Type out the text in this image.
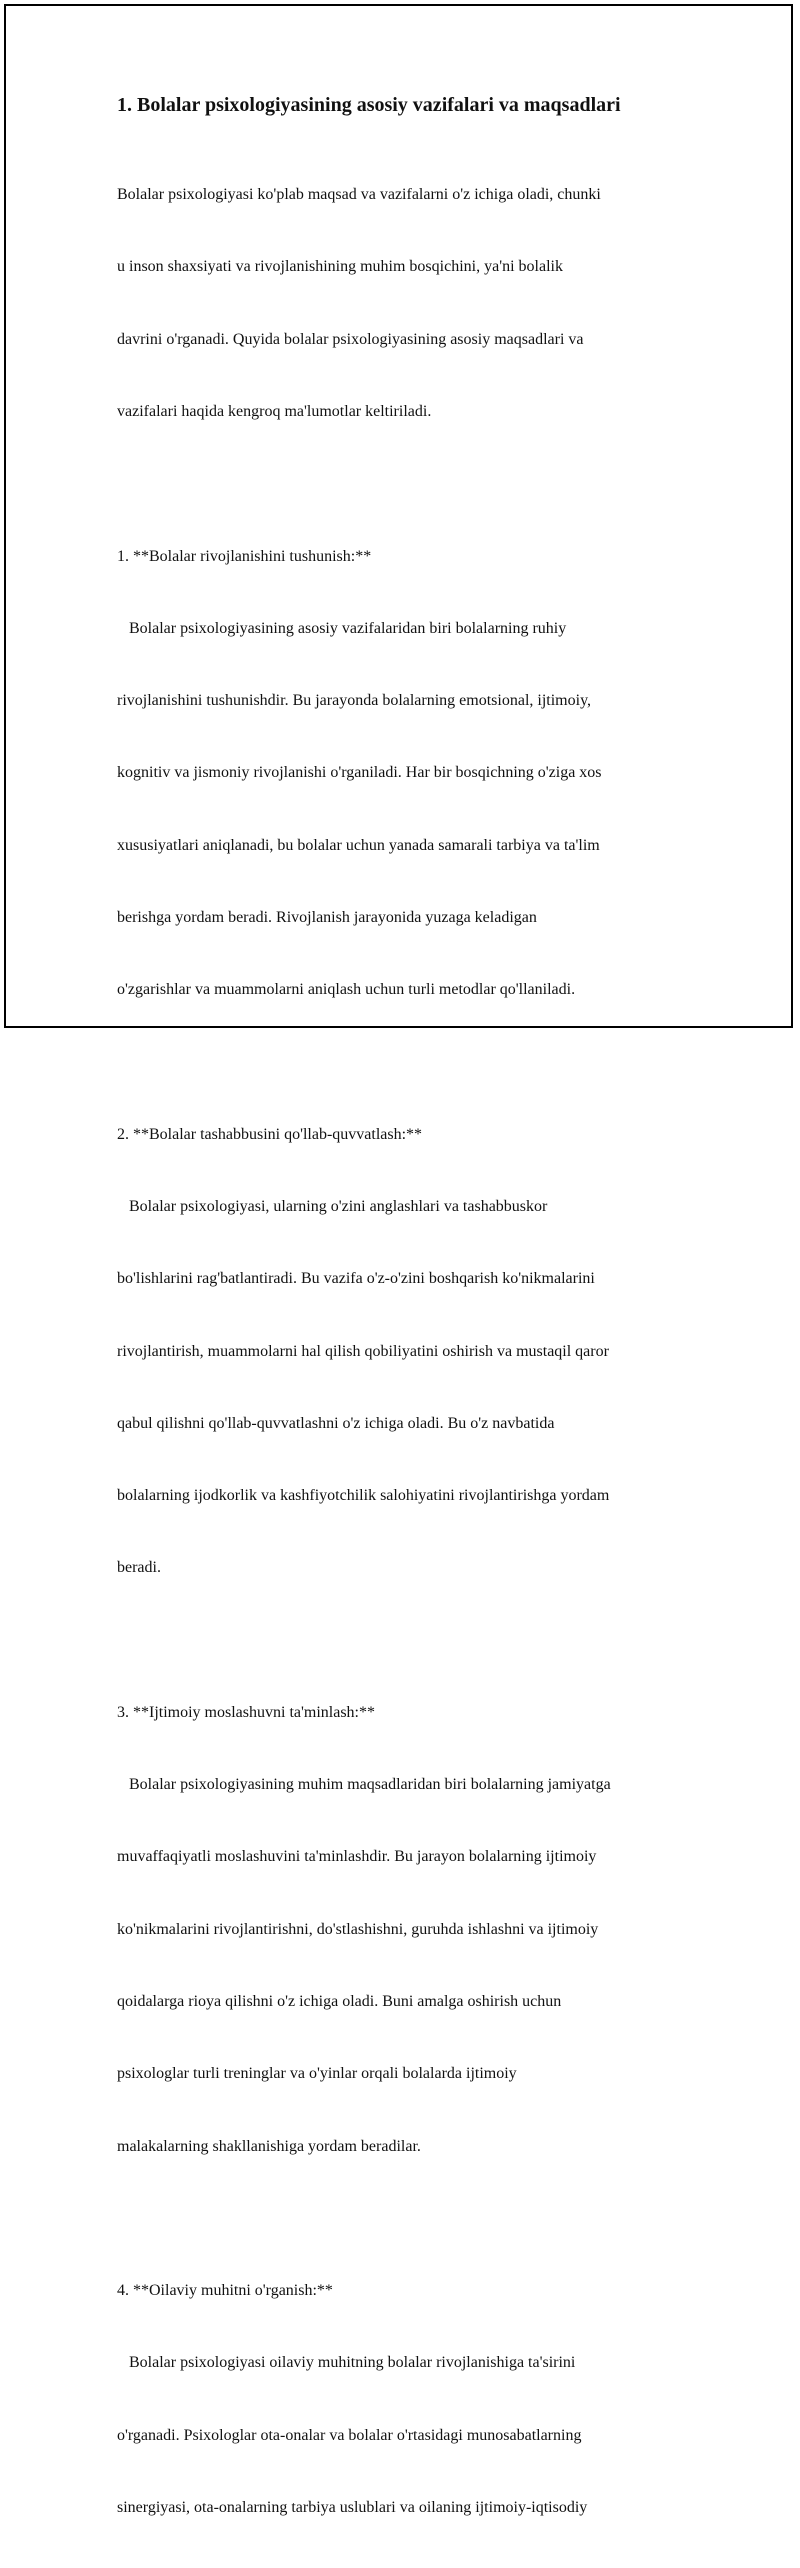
1. Bolalar psixologiyasining asosiy vazifalari va maqsadlari

Bolalar psixologiyasi ko'plab maqsad va vazifalarni o'z ichiga oladi, chunki

u inson shaxsiyati va rivojlanishining muhim bosqichini, ya'ni bolalik

davrini o'rganadi. Quyida bolalar psixologiyasining asosiy maqsadlari va

vazifalari haqida kengroq ma'lumotlar keltiriladi.

1. **Bolalar rivojlanishini tushunish:**

Bolalar psixologiyasining asosiy vazifalaridan biri bolalarning ruhiy

rivojlanishini tushunishdir. Bu jarayonda bolalarning emotsional, ijtimoiy,

kognitiv va jismoniy rivojlanishi o'rganiladi. Har bir bosqichning o'ziga xos

xususiyatlari aniqlanadi, bu bolalar uchun yanada samarali tarbiya va ta'lim

berishga yordam beradi. Rivojlanish jarayonida yuzaga keladigan

o'zgarishlar va muammolarni aniqlash uchun turli metodlar qo'llaniladi.

2. **Bolalar tashabbusini qo'llab-quvvatlash:**

Bolalar psixologiyasi, ularning o'zini anglashlari va tashabbuskor

bo'lishlarini rag'batlantiradi. Bu vazifa o'z-o'zini boshqarish ko'nikmalarini

rivojlantirish, muammolarni hal qilish qobiliyatini oshirish va mustaqil qaror

qabul qilishni qo'llab-quvvatlashni o'z ichiga oladi. Bu o'z navbatida

bolalarning ijodkorlik va kashfiyotchilik salohiyatini rivojlantirishga yordam

beradi.

3. **Ijtimoiy moslashuvni ta'minlash:**

Bolalar psixologiyasining muhim maqsadlaridan biri bolalarning jamiyatga

muvaffaqiyatli moslashuvini ta'minlashdir. Bu jarayon bolalarning ijtimoiy

ko'nikmalarini rivojlantirishni, do'stlashishni, guruhda ishlashni va ijtimoiy

qoidalarga rioya qilishni o'z ichiga oladi. Buni amalga oshirish uchun

psixologlar turli treninglar va o'yinlar orqali bolalarda ijtimoiy

malakalarning shakllanishiga yordam beradilar.

4. **Oilaviy muhitni o'rganish:**

Bolalar psixologiyasi oilaviy muhitning bolalar rivojlanishiga ta'sirini

o'rganadi. Psixologlar ota-onalar va bolalar o'rtasidagi munosabatlarning

sinergiyasi, ota-onalarning tarbiya uslublari va oilaning ijtimoiy-iqtisodiy
